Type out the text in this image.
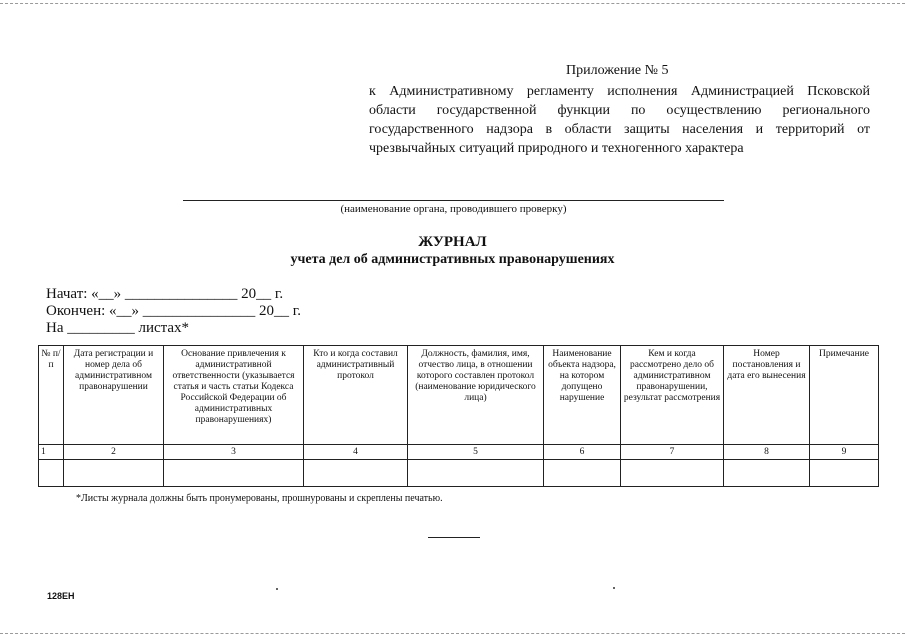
Приложение № 5
к Административному регламенту исполнения Администрацией Псковской области государственной функции по осуществлению регионального государственного надзора в области защиты населения и территорий от чрезвычайных ситуаций природного и техногенного характера
(наименование органа, проводившего проверку)
ЖУРНАЛ
учета дел об административных правонарушениях
Начат: «__» _______________ 20__ г.
Окончен: «__» _______________ 20__ г.
На _________ листах*
№ п/п	Дата регистрации и номер дела об административном правонарушении	Основание привлечения к административной ответственности (указывается статья и часть статьи Кодекса Российской Федерации об административных правонарушениях)	Кто и когда составил административный протокол	Должность, фамилия, имя, отчество лица, в отношении которого составлен протокол (наименование юридического лица)	Наименование объекта надзора, на котором допущено нарушение	Кем и когда рассмотрено дело об административном правонарушении, результат рассмотрения	Номер постановления и дата его вынесения	Примечание
1	2	3	4	5	6	7	8	9

*Листы журнала должны быть пронумерованы, прошнурованы и скреплены печатью.
128ЕН
